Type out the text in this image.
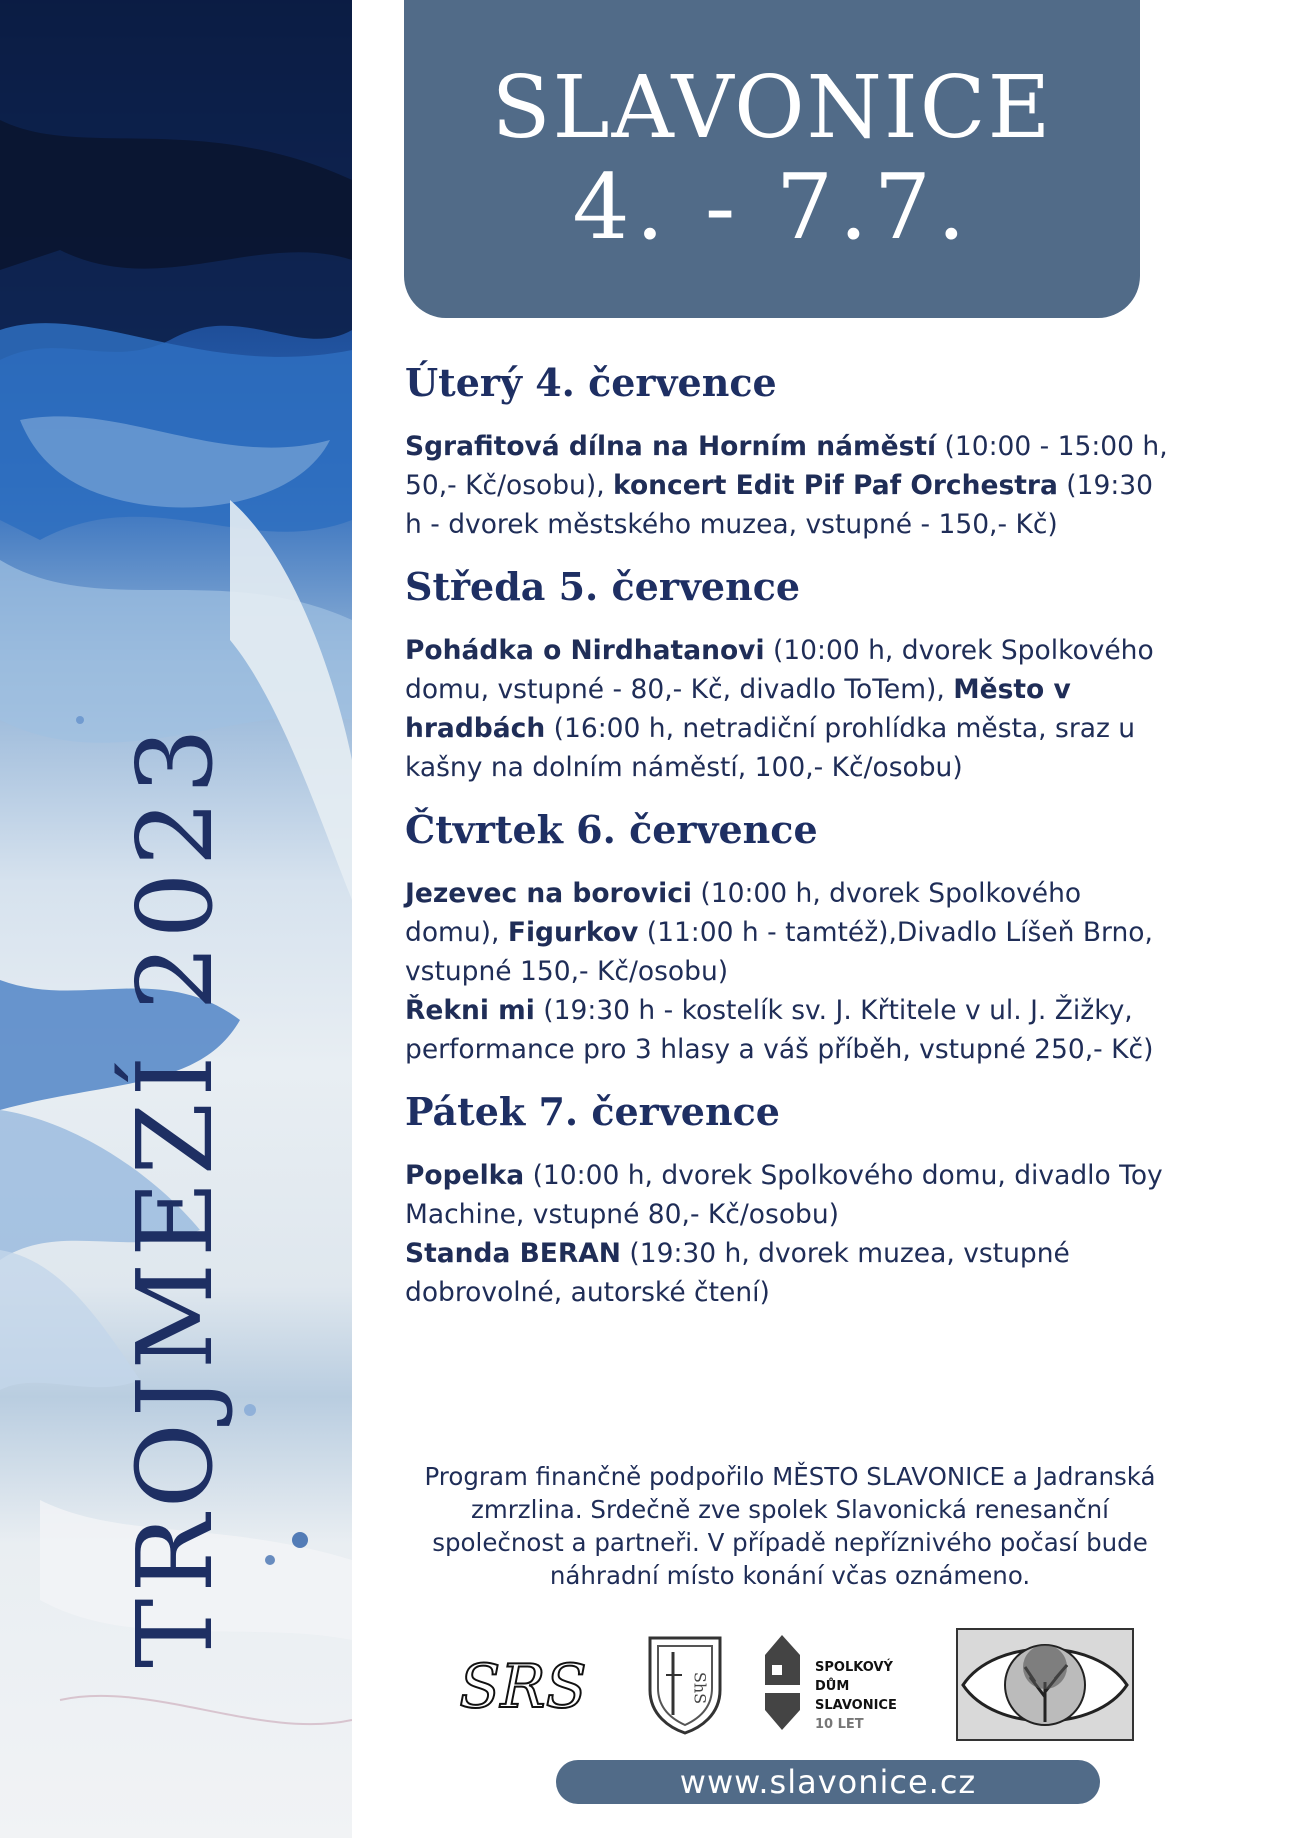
TROJMEZÍ 2023
SLAVONICE
4. - 7.7.
Úterý 4. července
Sgrafitová dílna na Horním náměstí (10:00 - 15:00 h, 50,- Kč/osobu), koncert Edit Pif Paf Orchestra (19:30 h - dvorek městského muzea, vstupné - 150,- Kč)
Středa 5. července
Pohádka o Nirdhatanovi (10:00 h, dvorek Spolkového domu, vstupné - 80,- Kč, divadlo ToTem), Město v hradbách (16:00 h, netradiční prohlídka města, sraz u kašny na dolním náměstí, 100,- Kč/osobu)
Čtvrtek 6. července
Jezevec na borovici (10:00 h, dvorek Spolkového domu), Figurkov (11:00 h - tamtéž),Divadlo Líšeň Brno, vstupné 150,- Kč/osobu)
Řekni mi (19:30 h - kostelík sv. J. Křtitele v ul. J. Žižky, performance pro 3 hlasy a váš příběh, vstupné 250,- Kč)
Pátek 7. července
Popelka (10:00 h, dvorek Spolkového domu, divadlo Toy Machine, vstupné 80,- Kč/osobu)
Standa BERAN (19:30 h, dvorek muzea, vstupné dobrovolné, autorské čtení)
Program finančně podpořilo MĚSTO SLAVONICE a Jadranská zmrzlina. Srdečně zve spolek Slavonická renesanční společnost a partneři. V případě nepříznivého počasí bude náhradní místo konání včas oznámeno.
SRS	ShS
SPOLKOVÝ
DŮM
SLAVONICE
10 LET
www.slavonice.cz
